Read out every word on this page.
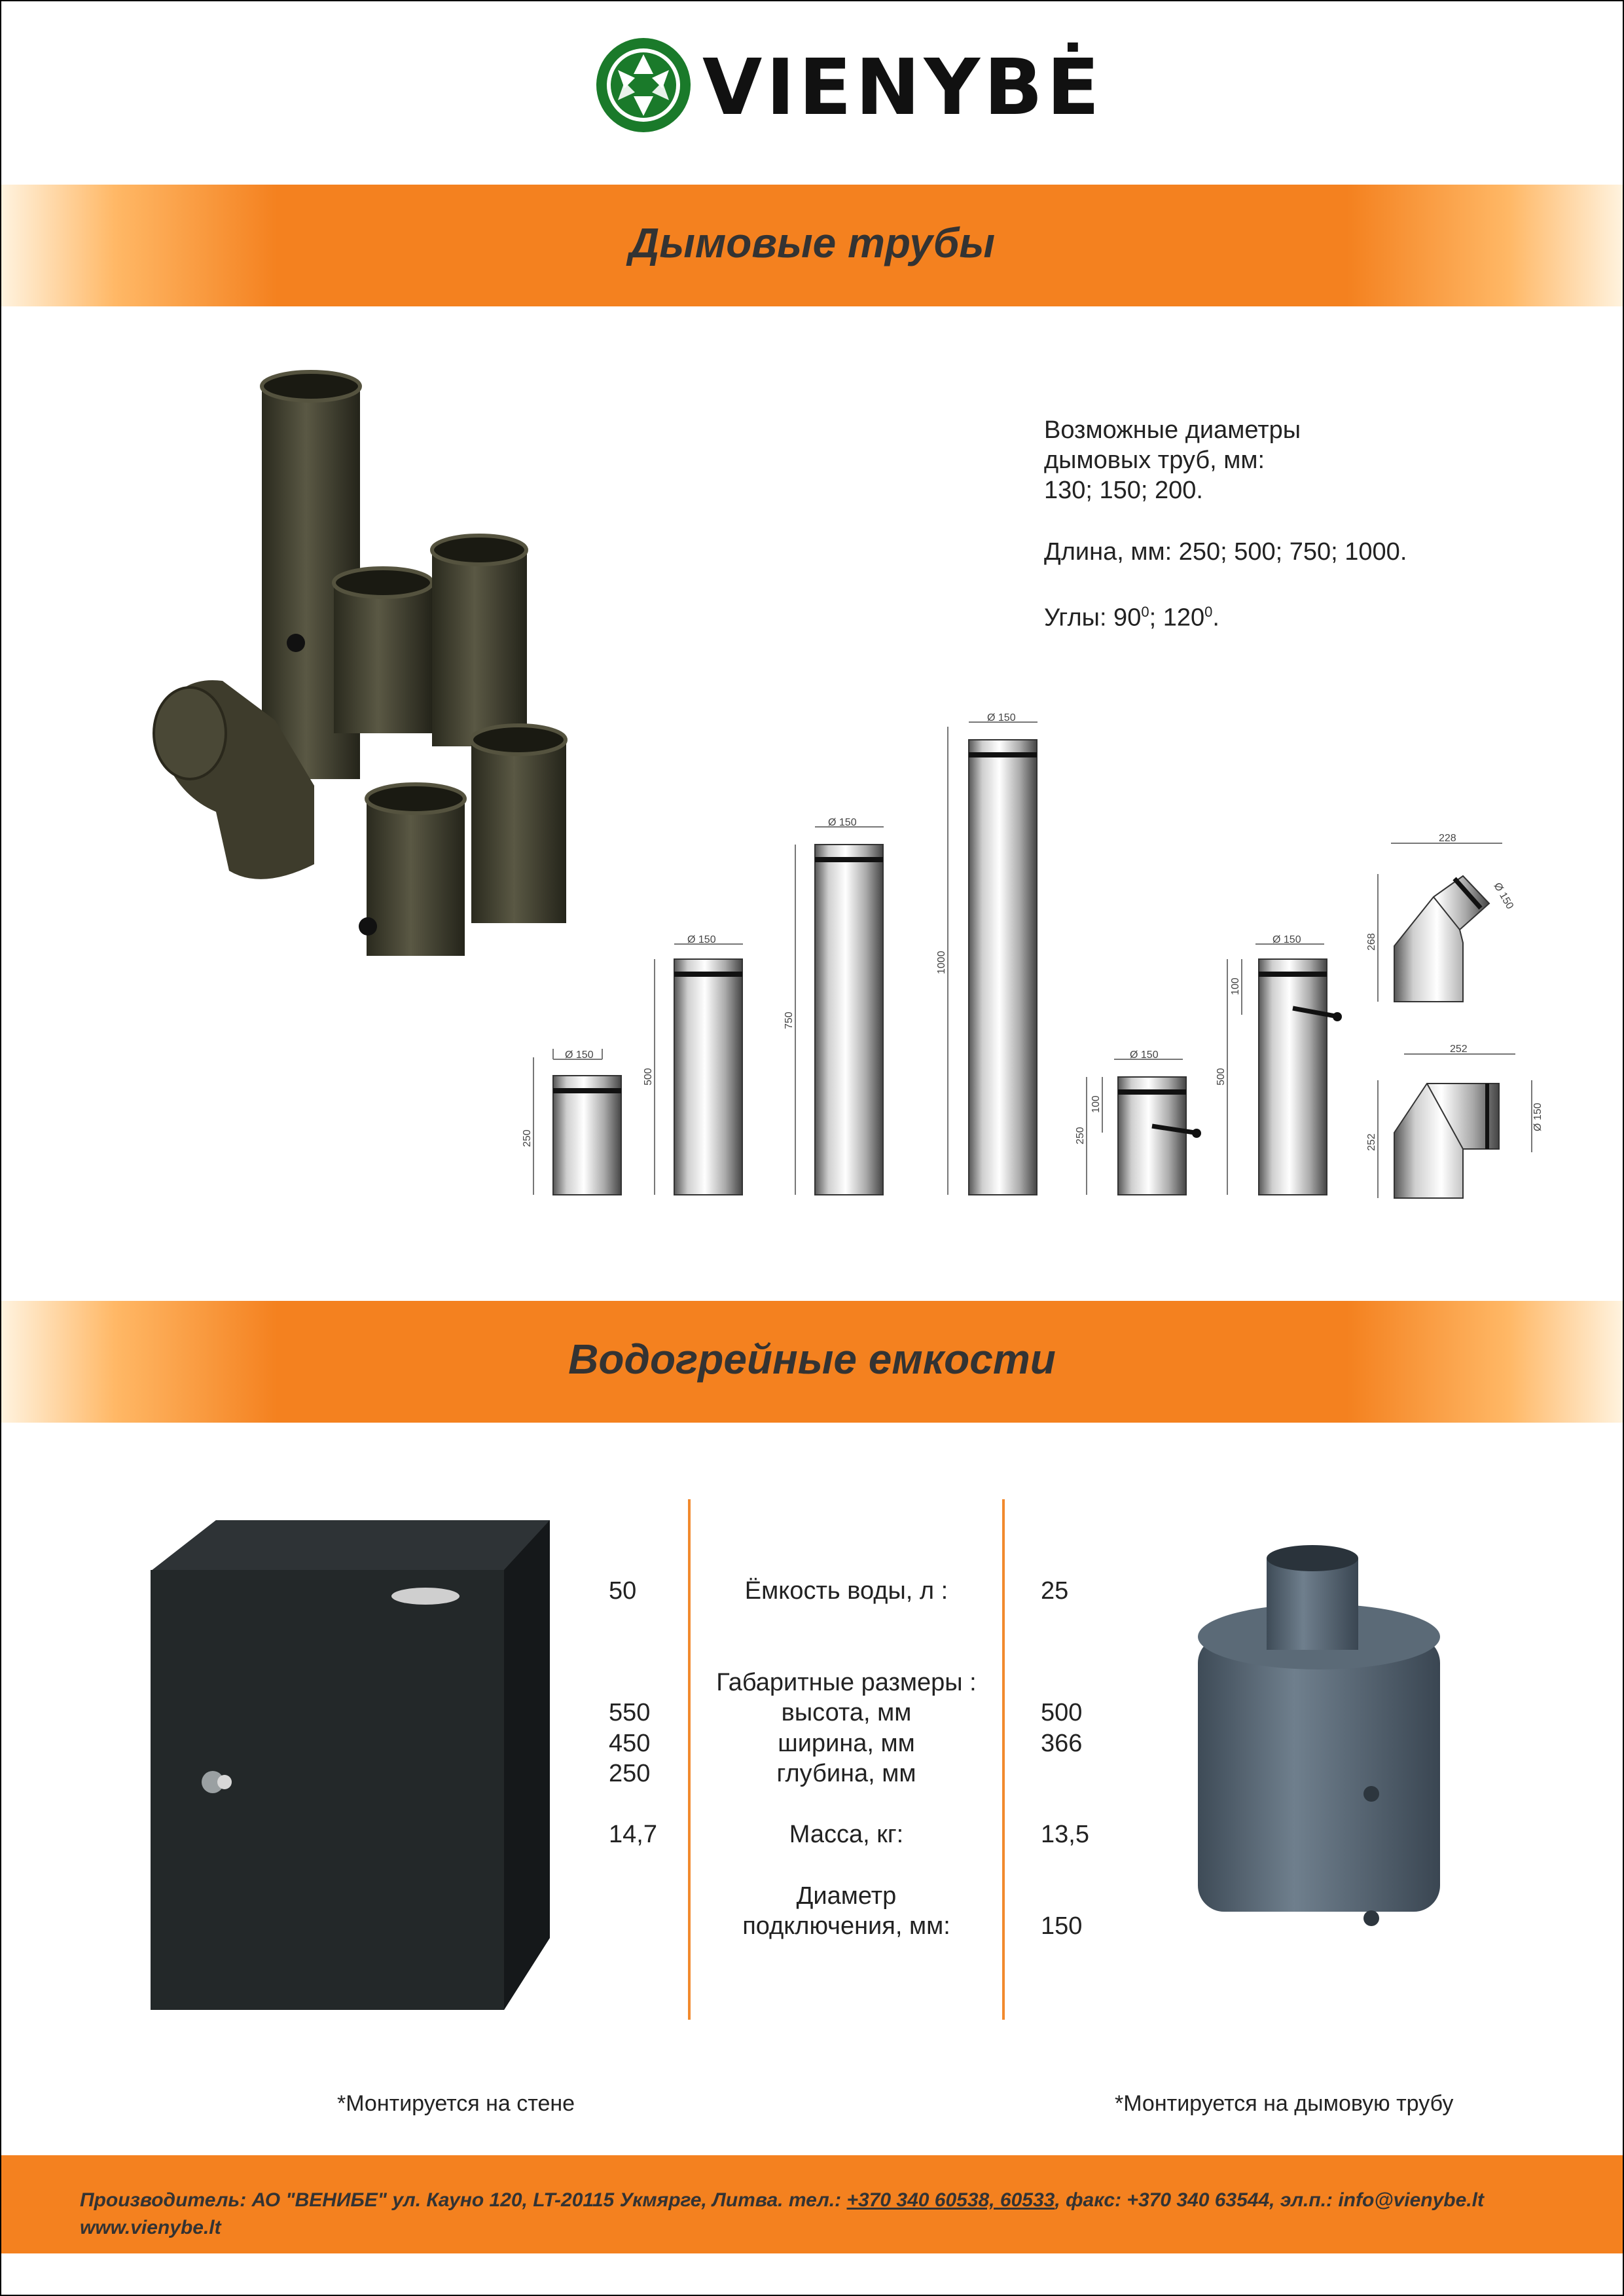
VIENYBĖ
Дымовые трубы
Возможные диаметры
дымовых труб, мм:
130; 150; 200.
Длина, мм: 250; 500; 750; 1000.
Углы: $90^0$; $120^0$.
Ø 150
Ø 150
Ø 150
Ø 150
Ø 150
Ø 150
250
500
750
1000
250
100
500
100
228
268
Ø 150
252
252
Ø 150
Водогрейные емкости
50
550
450
250
14,7
Ёмкость воды, л :
Габаритные размеры :
высота, мм
ширина, мм
глубина, мм
Масса, кг:
Диаметр
подключения, мм:
25
500
366
13,5
150
*Монтируется на стене	*Монтируется на дымовую трубу
Производитель: АО "ВЕНИБЕ" ул. Кауно 120, LT-20115 Укмярге, Литва. тел.: +370 340 60538, 60533, факс: +370 340 63544, эл.п.: info@vienybe.lt
www.vienybe.lt
